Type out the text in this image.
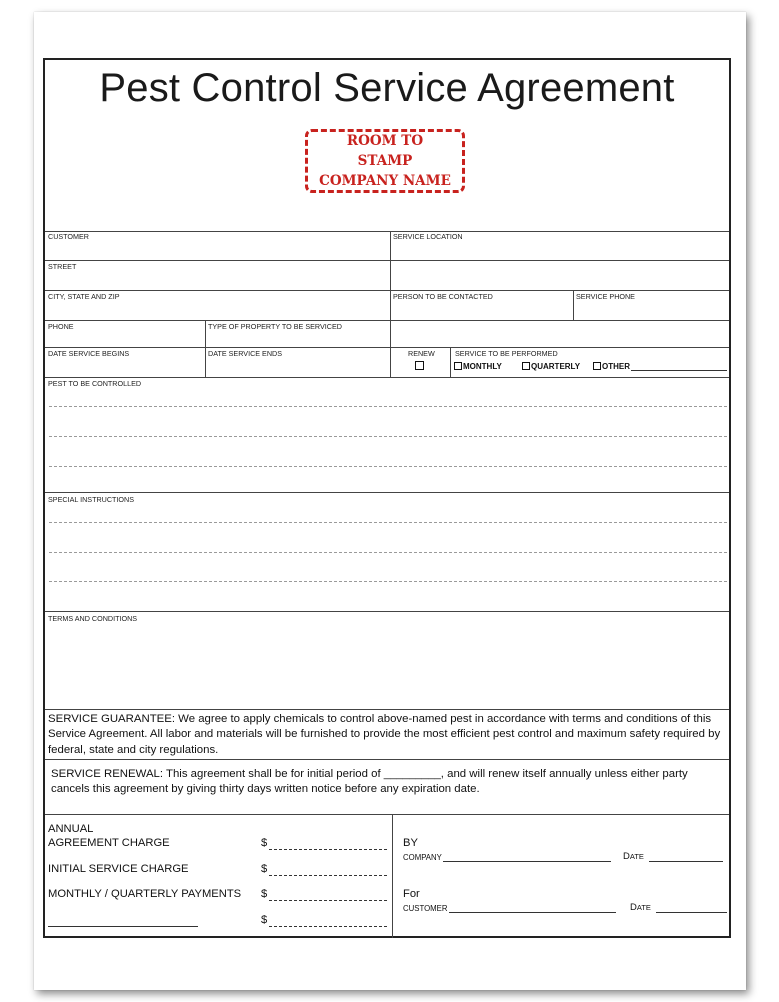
Pest Control Service Agreement
ROOM TO
STAMP
COMPANY NAME
CUSTOMER	SERVICE LOCATION
STREET
CITY, STATE AND ZIP	PERSON TO BE CONTACTED	SERVICE PHONE
PHONE	TYPE OF PROPERTY TO BE SERVICED
DATE SERVICE BEGINS	DATE SERVICE ENDS	RENEW	SERVICE TO BE PERFORMED
MONTHLY	QUARTERLY	OTHER
PEST TO BE CONTROLLED
SPECIAL INSTRUCTIONS
TERMS AND CONDITIONS
SERVICE GUARANTEE: We agree to apply chemicals to control above-named pest in accordance with terms and conditions of this Service Agreement. All labor and materials will be furnished to provide the most efficient pest control and maximum safety required by federal, state and city regulations.
SERVICE RENEWAL: This agreement shall be for initial period of _________, and will renew itself annually unless either party cancels this agreement by giving thirty days written notice before any expiration date.
ANNUAL
AGREEMENT CHARGE	$
INITIAL SERVICE CHARGE	$
MONTHLY / QUARTERLY PAYMENTS $
$
BY
COMPANY	DATE
For
CUSTOMER	DATE
